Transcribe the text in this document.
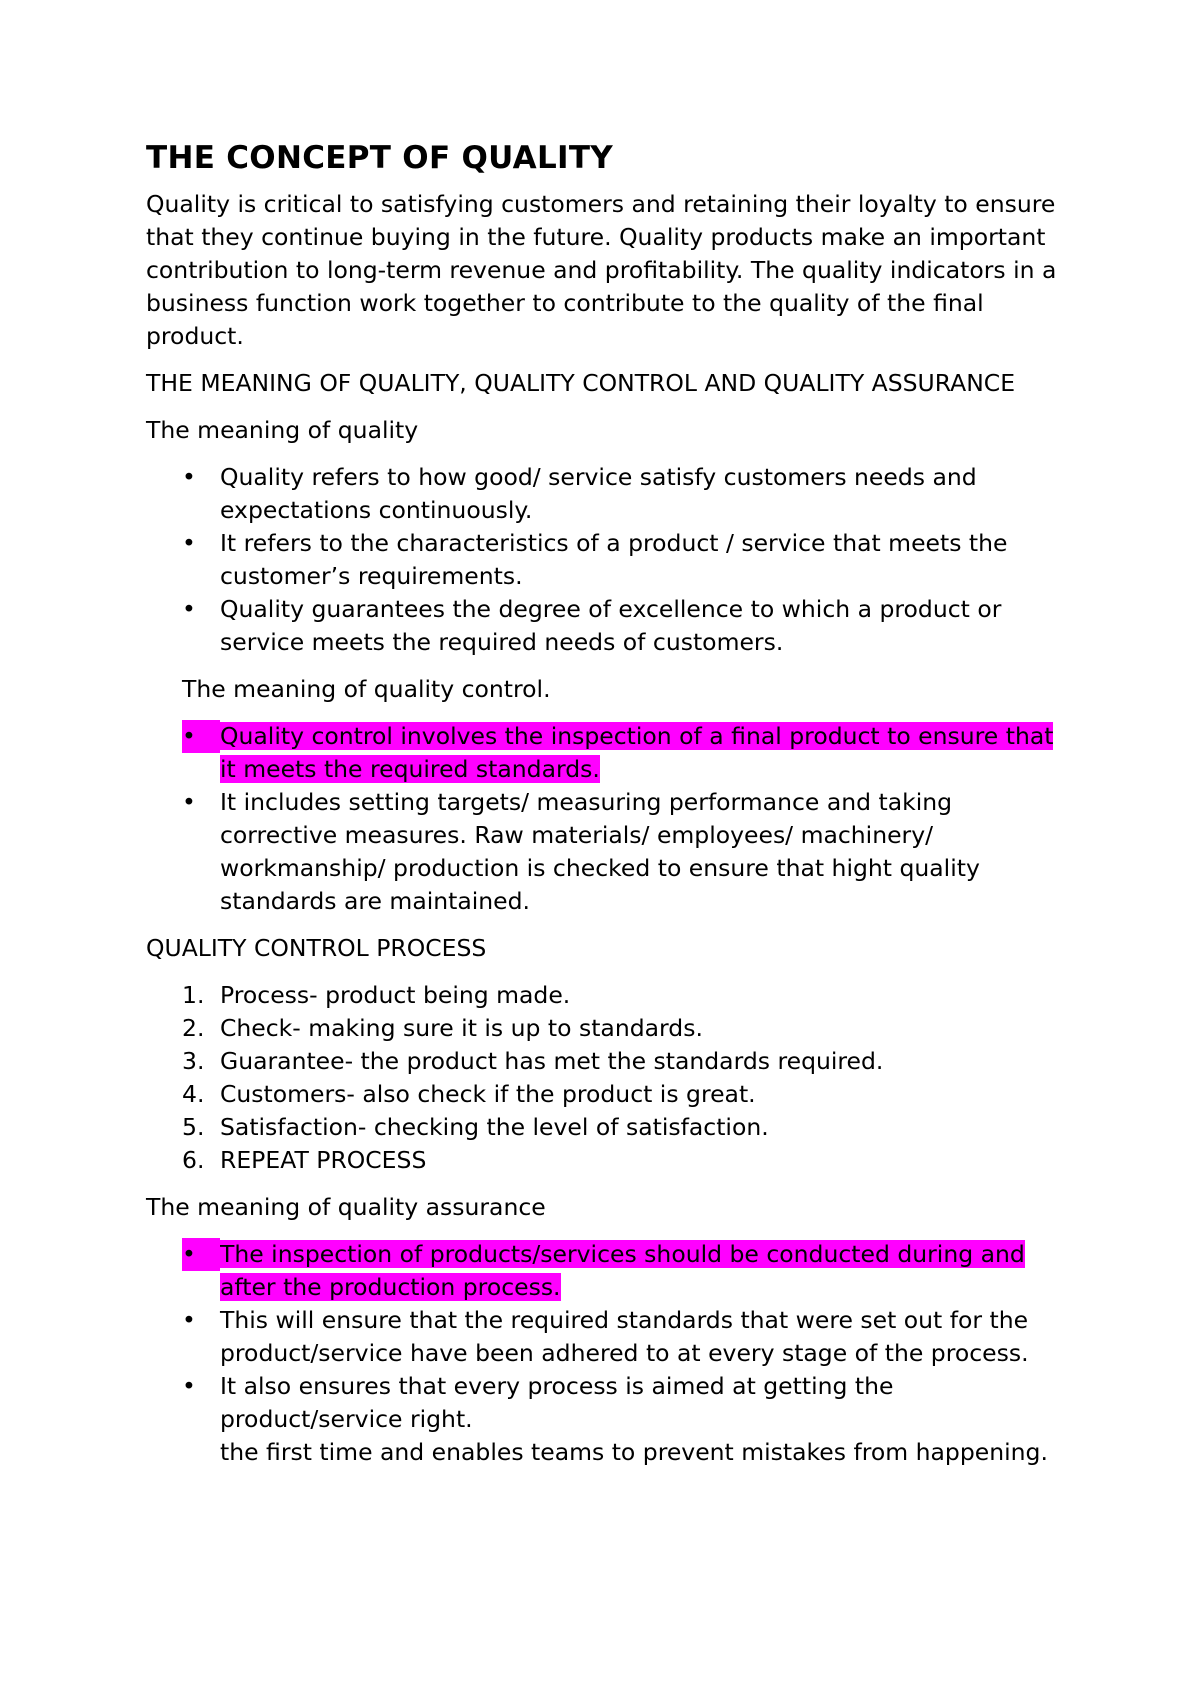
THE CONCEPT OF QUALITY

Quality is critical to satisfying customers and retaining their loyalty to ensure that they continue buying in the future. Quality products make an important contribution to long-term revenue and profitability. The quality indicators in a business function work together to contribute to the quality of the final product.

THE MEANING OF QUALITY, QUALITY CONTROL AND QUALITY ASSURANCE

The meaning of quality

• Quality refers to how good/ service satisfy customers needs and expectations continuously.
• It refers to the characteristics of a product / service that meets the customer’s requirements.
• Quality guarantees the degree of excellence to which a product or service meets the required needs of customers.

The meaning of quality control.

•	Quality control involves the inspection of a final product to ensure that it meets the required standards.
• It includes setting targets/ measuring performance and taking corrective measures. Raw materials/ employees/ machinery/ workmanship/ production is checked to ensure that hight quality standards are maintained.

QUALITY CONTROL PROCESS

1. Process- product being made.
2. Check- making sure it is up to standards.
3. Guarantee- the product has met the standards required.
4. Customers- also check if the product is great.
5. Satisfaction- checking the level of satisfaction.
6. REPEAT PROCESS

The meaning of quality assurance

•	The inspection of products/services should be conducted during and after the production process.
• This will ensure that the required standards that were set out for the product/service have been adhered to at every stage of the process.
• It also ensures that every process is aimed at getting the product/service right.
the first time and enables teams to prevent mistakes from happening.
